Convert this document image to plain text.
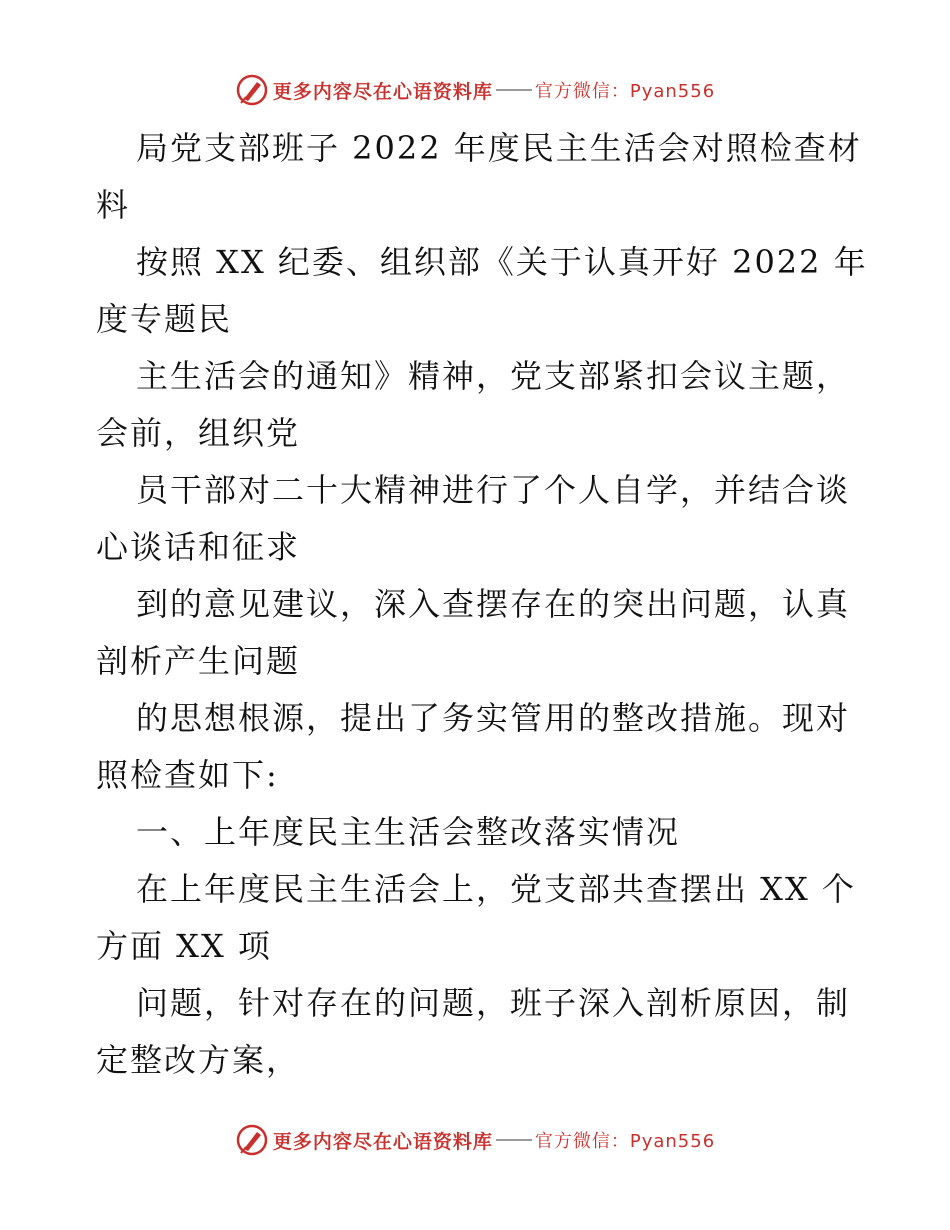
更多内容尽在心语资料库 官方微信：Pyan556
局党支部班子 2022 年度民主生活会对照检查材
料
按照 XX 纪委、组织部《关于认真开好 2022 年
度专题民
主生活会的通知》精神，党支部紧扣会议主题，
会前，组织党
员干部对二十大精神进行了个人自学，并结合谈
心谈话和征求
到的意见建议，深入查摆存在的突出问题，认真
剖析产生问题
的思想根源，提出了务实管用的整改措施。现对
照检查如下:
一、上年度民主生活会整改落实情况
在上年度民主生活会上，党支部共查摆出 XX 个
方面 XX 项
问题，针对存在的问题，班子深入剖析原因，制
定整改方案，
更多内容尽在心语资料库 官方微信：Pyan556
